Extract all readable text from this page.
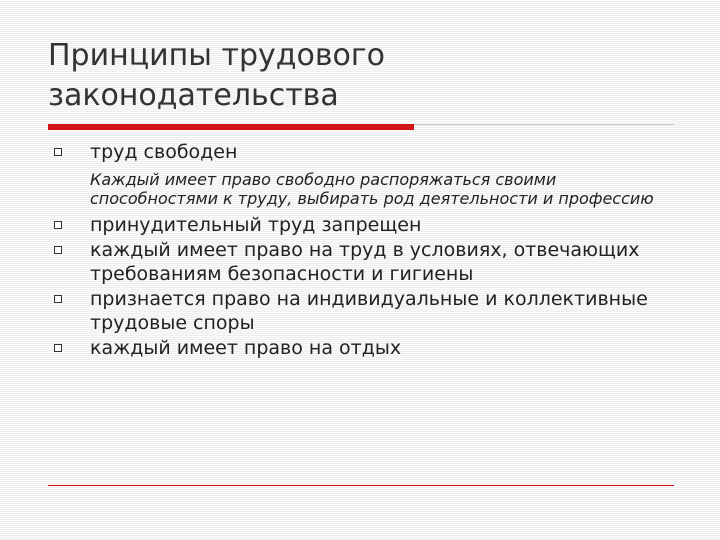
Принципы трудового законодательства
труд свободен
Каждый имеет право свободно распоряжаться своими способностями к труду, выбирать род деятельности и профессию
принудительный труд запрещен
каждый имеет право на труд в условиях, отвечающих требованиям безопасности и гигиены
признается право на индивидуальные и коллективные трудовые споры
каждый имеет право на отдых
